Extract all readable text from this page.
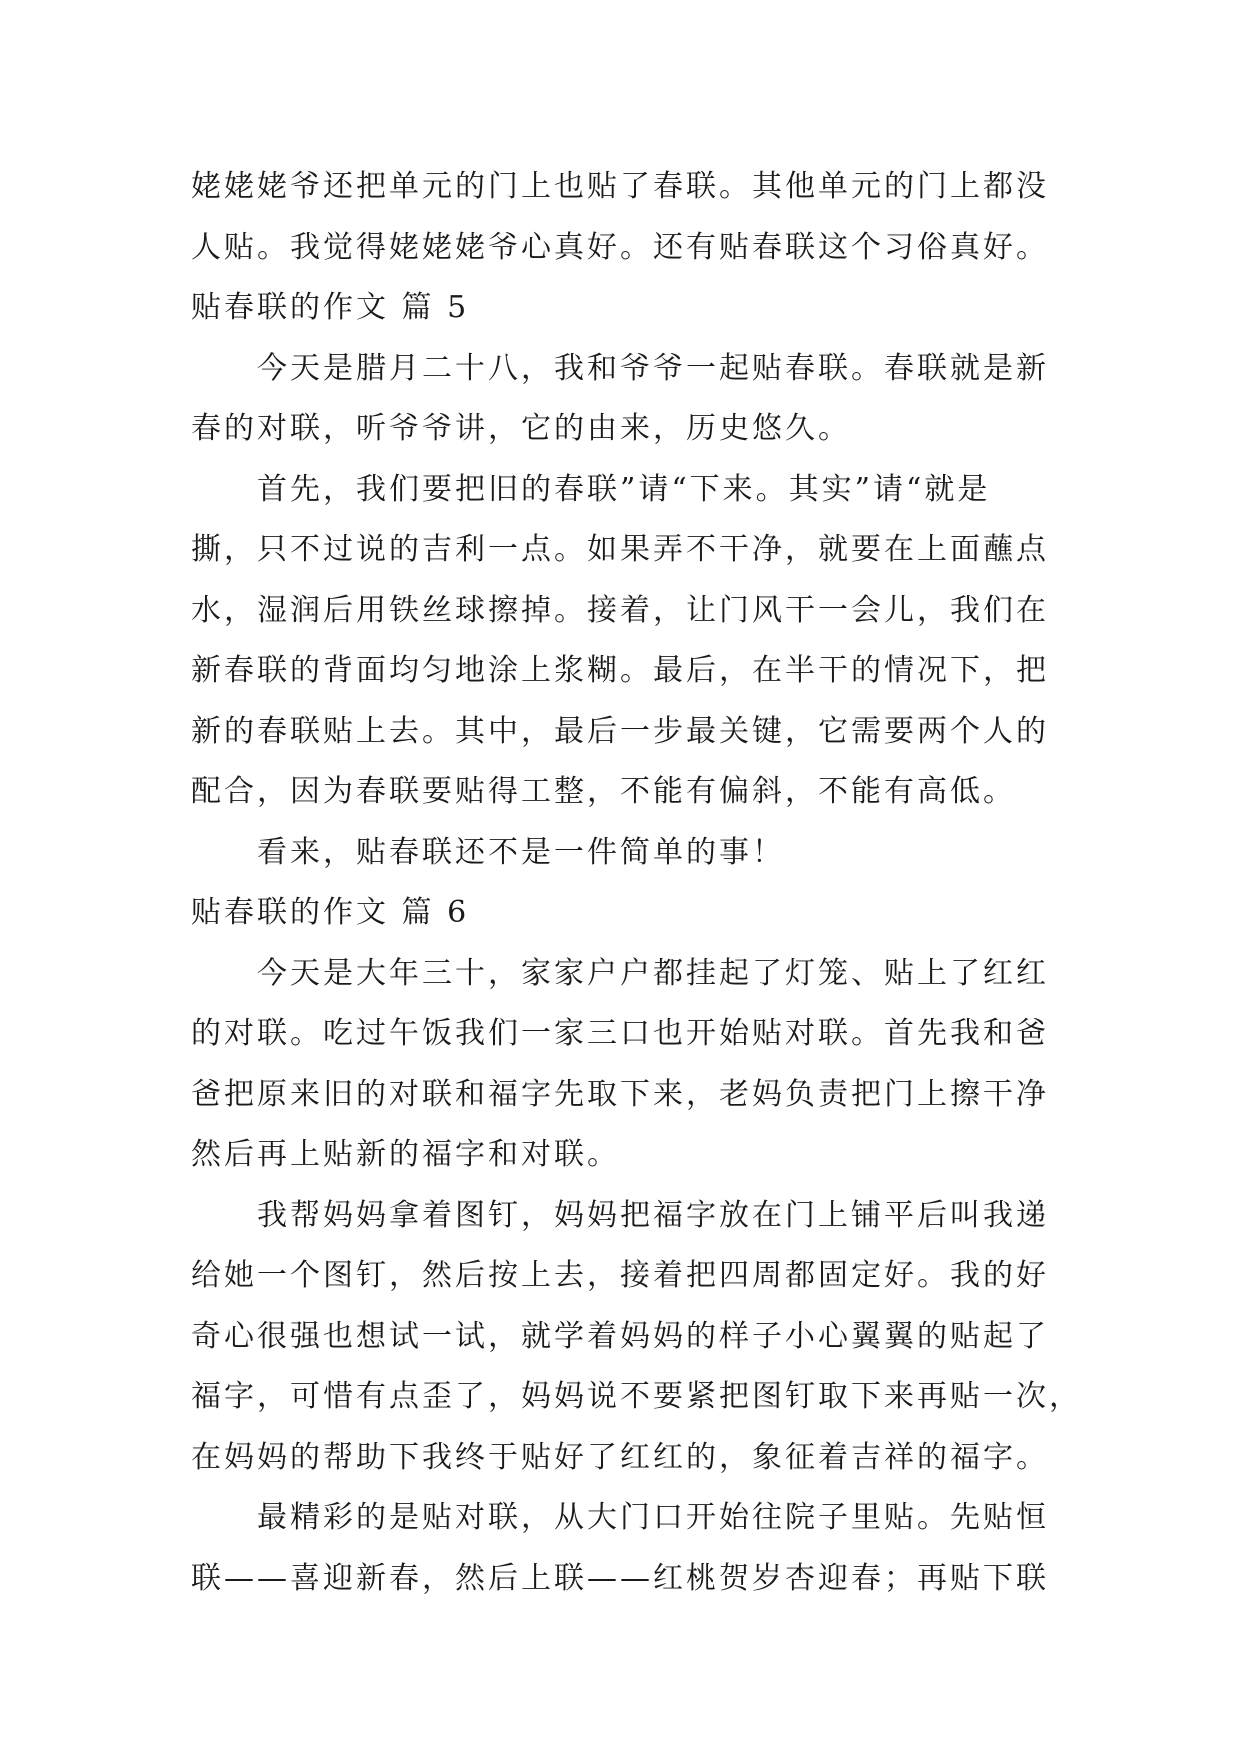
姥姥姥爷还把单元的门上也贴了春联。其他单元的门上都没
人贴。我觉得姥姥姥爷心真好。还有贴春联这个习俗真好。
贴春联的作文 篇 5
今天是腊月二十八，我和爷爷一起贴春联。春联就是新
春的对联，听爷爷讲，它的由来，历史悠久。
首先，我们要把旧的春联”请“下来。其实”请“就是
撕，只不过说的吉利一点。如果弄不干净，就要在上面蘸点
水，湿润后用铁丝球擦掉。接着，让门风干一会儿，我们在
新春联的背面均匀地涂上浆糊。最后，在半干的情况下，把
新的春联贴上去。其中，最后一步最关键，它需要两个人的
配合，因为春联要贴得工整，不能有偏斜，不能有高低。
看来，贴春联还不是一件简单的事！
贴春联的作文 篇 6
今天是大年三十，家家户户都挂起了灯笼、贴上了红红
的对联。吃过午饭我们一家三口也开始贴对联。首先我和爸
爸把原来旧的对联和福字先取下来，老妈负责把门上擦干净
然后再上贴新的福字和对联。
我帮妈妈拿着图钉，妈妈把福字放在门上铺平后叫我递
给她一个图钉，然后按上去，接着把四周都固定好。我的好
奇心很强也想试一试，就学着妈妈的样子小心翼翼的贴起了
福字，可惜有点歪了，妈妈说不要紧把图钉取下来再贴一次，
在妈妈的帮助下我终于贴好了红红的，象征着吉祥的福字。
最精彩的是贴对联，从大门口开始往院子里贴。先贴恒
联——喜迎新春，然后上联——红桃贺岁杏迎春；再贴下联
